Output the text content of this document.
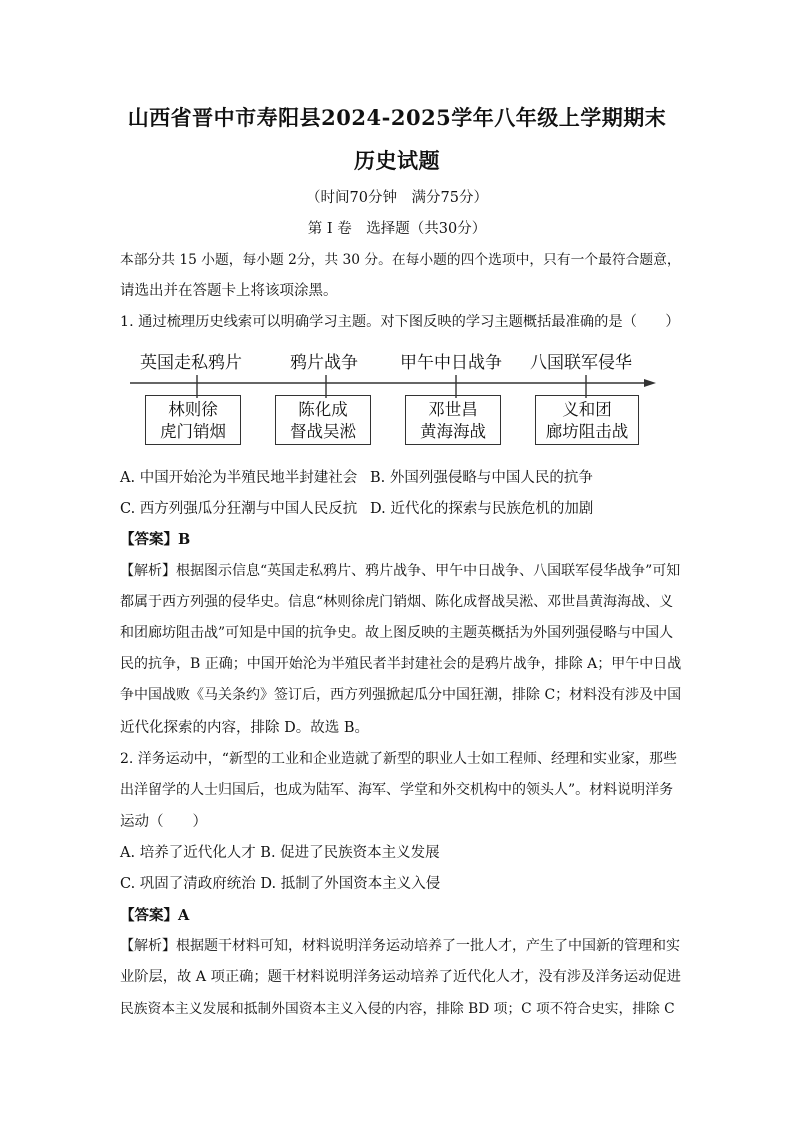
山西省晋中市寿阳县2024-2025学年八年级上学期期末
历史试题
（时间70分钟　满分75分）
第 I 卷　选择题（共30分）
本部分共 15 小题，每小题 2分，共 30 分。在每小题的四个选项中，只有一个最符合题意，
请选出并在答题卡上将该项涂黑。
1. 通过梳理历史线索可以明确学习主题。对下图反映的学习主题概括最准确的是（　　）
英国走私鸦片	鸦片战争 甲午中日战争 八国联军侵华
林则徐
虎门销烟
陈化成
督战吴淞
邓世昌
黄海海战
义和团
廊坊阻击战
A. 中国开始沦为半殖民地半封建社会 B. 外国列强侵略与中国人民的抗争
C. 西方列强瓜分狂潮与中国人民反抗 D. 近代化的探索与民族危机的加剧
【答案】B
【解析】根据图示信息“英国走私鸦片、鸦片战争、甲午中日战争、八国联军侵华战争”可知
都属于西方列强的侵华史。信息“林则徐虎门销烟、陈化成督战吴淞、邓世昌黄海海战、义
和团廊坊阻击战”可知是中国的抗争史。故上图反映的主题英概括为外国列强侵略与中国人
民的抗争，B 正确；中国开始沦为半殖民者半封建社会的是鸦片战争，排除 A；甲午中日战
争中国战败《马关条约》签订后，西方列强掀起瓜分中国狂潮，排除 C；材料没有涉及中国
近代化探索的内容，排除 D。故选 B。
2. 洋务运动中，“新型的工业和企业造就了新型的职业人士如工程师、经理和实业家，那些
出洋留学的人士归国后，也成为陆军、海军、学堂和外交机构中的领头人”。材料说明洋务
运动（　　）
A. 培养了近代化人才 B. 促进了民族资本主义发展
C. 巩固了清政府统治 D. 抵制了外国资本主义入侵
【答案】A
【解析】根据题干材料可知，材料说明洋务运动培养了一批人才，产生了中国新的管理和实
业阶层，故 A 项正确；题干材料说明洋务运动培养了近代化人才，没有涉及洋务运动促进
民族资本主义发展和抵制外国资本主义入侵的内容，排除 BD 项；C 项不符合史实，排除 C
